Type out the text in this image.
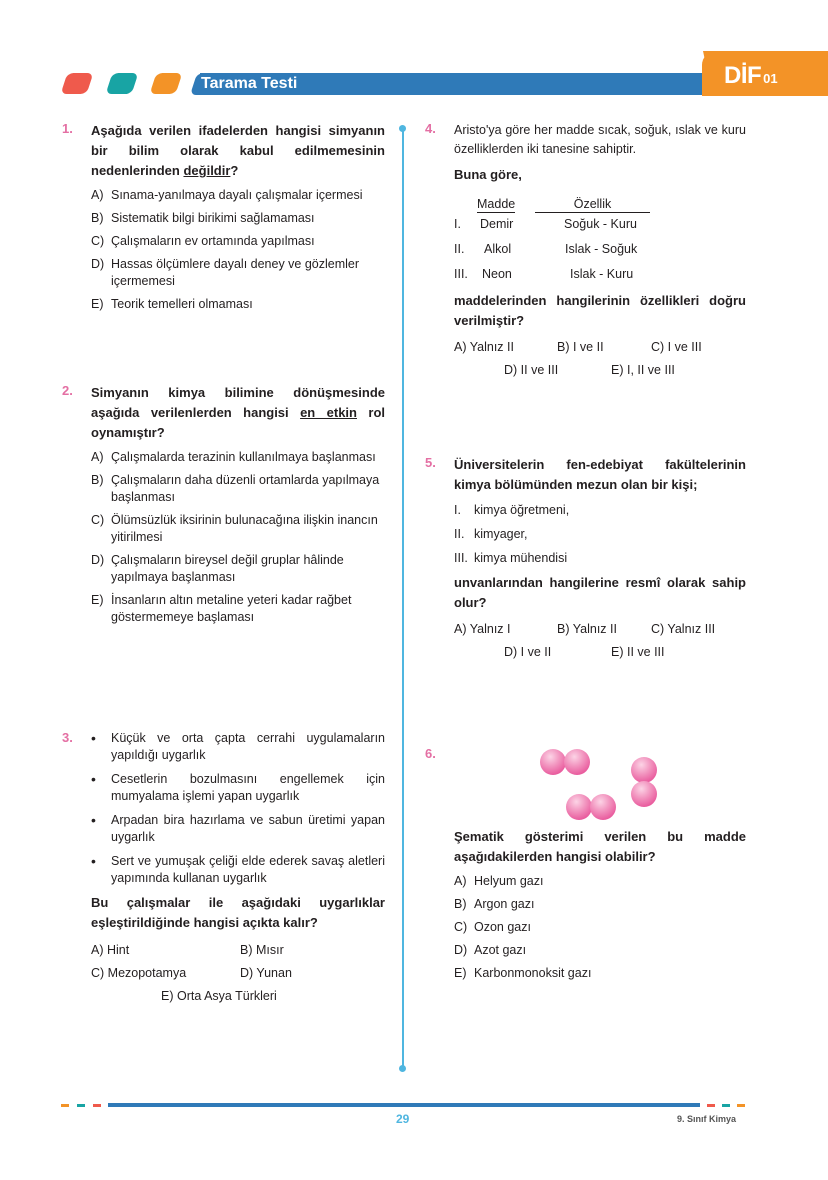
Tarama Testi	DİF 01
1. Aşağıda verilen ifadelerden hangisi simyanın bir bilim olarak kabul edilmemesinin nedenlerinden değildir?
A) Sınama-yanılmaya dayalı çalışmalar içermesi
B) Sistematik bilgi birikimi sağlamaması
C) Çalışmaların ev ortamında yapılması
D) Hassas ölçümlere dayalı deney ve gözlemler içermemesi
E) Teorik temelleri olmaması
2. Simyanın kimya bilimine dönüşmesinde aşağıda verilenlerden hangisi en etkin rol oynamıştır?
A) Çalışmalarda terazinin kullanılmaya başlanması
B) Çalışmaların daha düzenli ortamlarda yapılmaya başlanması
C) Ölümsüzlük iksirinin bulunacağına ilişkin inancın yitirilmesi
D) Çalışmaların bireysel değil gruplar hâlinde yapılmaya başlanması
E) İnsanların altın metaline yeteri kadar rağbet göstermemeye başlaması
3. •	Küçük ve orta çapta cerrahi uygulamaların yapıldığı uygarlık
•	Cesetlerin bozulmasını engellemek için mumyalama işlemi yapan uygarlık
•	Arpadan bira hazırlama ve sabun üretimi yapan uygarlık
•	Sert ve yumuşak çeliği elde ederek savaş aletleri yapımında kullanan uygarlık
Bu çalışmalar ile aşağıdaki uygarlıklar eşleştirildiğinde hangisi açıkta kalır?
A) Hint	B) Mısır
C) Mezopotamya	D) Yunan
E) Orta Asya Türkleri
4. Aristo'ya göre her madde sıcak, soğuk, ıslak ve kuru özelliklerden iki tanesine sahiptir.
Buna göre,
Madde	Özellik
I. Demir	Soğuk - Kuru
II. Alkol	Islak - Soğuk
III. Neon	Islak - Kuru
maddelerinden hangilerinin özellikleri doğru verilmiştir?
A) Yalnız II	B) I ve II	C) I ve III
D) II ve III	E) I, II ve III
5. Üniversitelerin fen-edebiyat fakültelerinin kimya bölümünden mezun olan bir kişi;
I.	kimya öğretmeni,
II. kimyager,
III. kimya mühendisi
unvanlarından hangilerine resmî olarak sahip olur?
A) Yalnız I	B) Yalnız II	C) Yalnız III
D) I ve II	E) II ve III
6.
Şematik gösterimi verilen bu madde aşağıdakilerden hangisi olabilir?
A) Helyum gazı
B) Argon gazı
C) Ozon gazı
D) Azot gazı
E) Karbonmonoksit gazı
29	9. Sınıf Kimya
